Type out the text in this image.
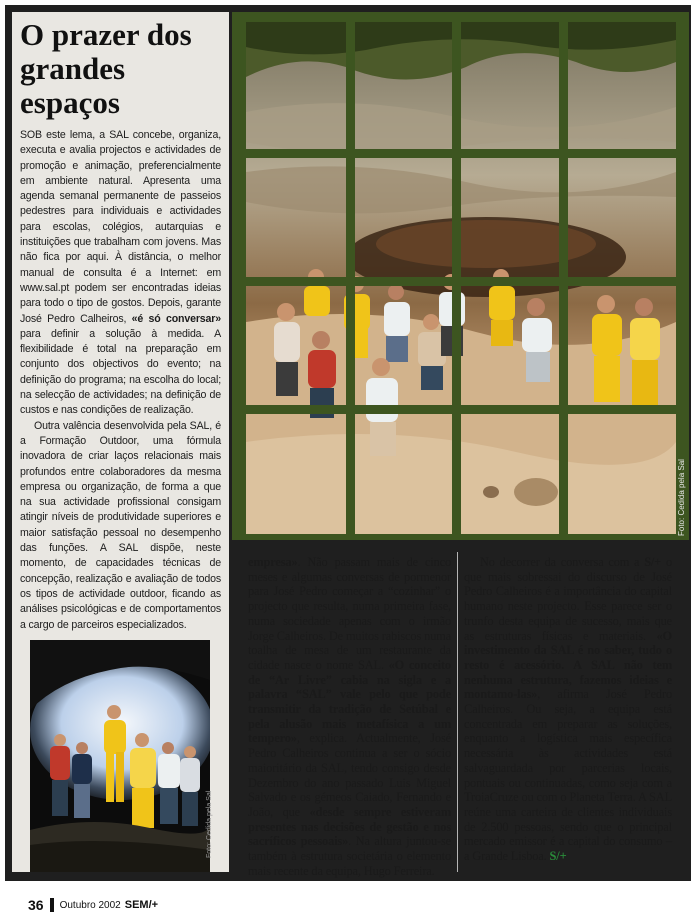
O prazer dos grandes espaços

SOB este lema, a SAL concebe, organiza, executa e avalia projectos e actividades de promoção e animação, preferencialmente em ambiente natural. Apresenta uma agenda semanal permanente de passeios pedestres para individuais e actividades para escolas, colégios, autarquias e instituições que trabalham com jovens. Mas não fica por aqui. À distância, o melhor manual de consulta é a Internet: em www.sal.pt podem ser encontradas ideias para todo o tipo de gostos. Depois, garante José Pedro Calheiros, «é só conversar» para definir a solução à medida. A flexibilidade é total na preparação em conjunto dos objectivos do evento; na definição do programa; na escolha do local; na selecção de actividades; na definição de custos e nas condições de realização.

Outra valência desenvolvida pela SAL, é a Formação Outdoor, uma fórmula inovadora de criar laços relacionais mais profundos entre colaboradores da mesma empresa ou organização, de forma a que na sua actividade profissional consigam atingir níveis de produtividade superiores e maior satisfação pessoal no desempenho das funções. A SAL dispõe, neste momento, de capacidades técnicas de concepção, realização e avaliação de todos os tipos de actividade outdoor, ficando as análises psicológicas e de comportamentos a cargo de parceiros especializados.

Foto: Cedida pela Sal
Foto: Cedida pela Sal

empresa». Não passam mais de cinco meses e algumas conversas de pormenor para José Pedro começar a “cozinhar” o projecto que resulta, numa primeira fase, numa sociedade apenas com o irmão Jorge Calheiros. De muitos rabiscos numa toalha de mesa de um restaurante da cidade nasce o nome SAL. «O conceito de “Ar Livre” cabia na sigla e a palavra “SAL” vale pelo que pode transmitir da tradição de Setúbal e pela alusão mais metafísica a um tempero», explica. Actualmente, José Pedro Calheiros continua a ser o sócio maioritário da SAL, tendo consigo desde Dezembro do ano passado Luis Miguel Salvado e os gémeos Caiado, Fernando e João, que «desde sempre estiveram presentes nas decisões de gestão e nos sacríficos pessoais». Na altura juntou-se também à estrutura societária o elemento mais recente da equipa, Hugo Ferreira.

No decorrer da conversa com a S/+ o que mais sobressai do discurso de José Pedro Calheiros é a importância do capital humano neste projecto. Esse parece ser o trunfo desta equipa de sucesso, mais que as estruturas físicas e materiais. «O investimento da SAL é no saber, tudo o resto é acessório. A SAL não tem nenhuma estrutura, fazemos ideias e montamo-las», afirma José Pedro Calheiros. Ou seja, a equipa está concentrada em preparar as soluções, enquanto a logística mais específica necessária às actividades está salvaguardada por parcerias locais, pontuais ou continuadas, como seja com a TroiaCruze ou com o Planeta Terra. A SAL reúne uma carteira de clientes individuais de 2.500 pessoas, sendo que o principal mercado emissor é a capital do consumo – a Grande Lisboa. S/+

36 Outubro 2002 SEM/+
